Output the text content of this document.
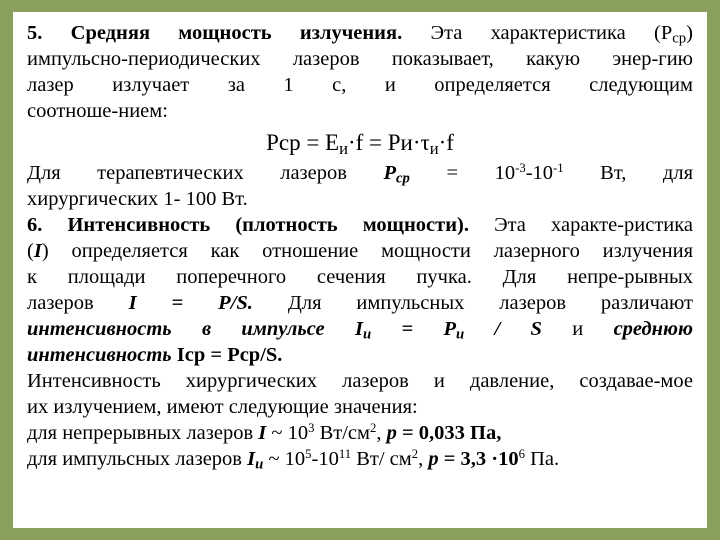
5. Средняя мощность излучения. Эта характеристика $(Р_{ср})$

импульсно-периодических лазеров показывает, какую энер-гию

лазер излучает за 1 с, и определяется следующим

соотноше-нием:

Рср = $Е_и\cdot f = Ри\cdot\tau_и\cdot f$

Для терапевтических лазеров $Р_{ср} = 10^{-3}-10^{-1}$ Вт, для

хирургических 1- 100 Вт.

6. Интенсивность (плотность мощности). Эта характе-ристика

(I) определяется как отношение мощности лазерного излучения

к площади поперечного сечения пучка. Для непре-рывных

лазеров I = P/S. Для импульсных лазеров различают

интенсивность в импульсе $I_и = P_и / S$ и среднюю

интенсивность Iср = Рср/S.

Интенсивность хирургических лазеров и давление, создавае-мое

их излучением, имеют следующие значения:

для непрерывных лазеров I ~ $10^3$ $Вт/см^2$, р = 0,033 Па,

для импульсных лазеров $I_и$ ~ $10^5-10^{11}$ Вт/ $см^2$, $р = 3,3 \cdot 10^6$ Па.
